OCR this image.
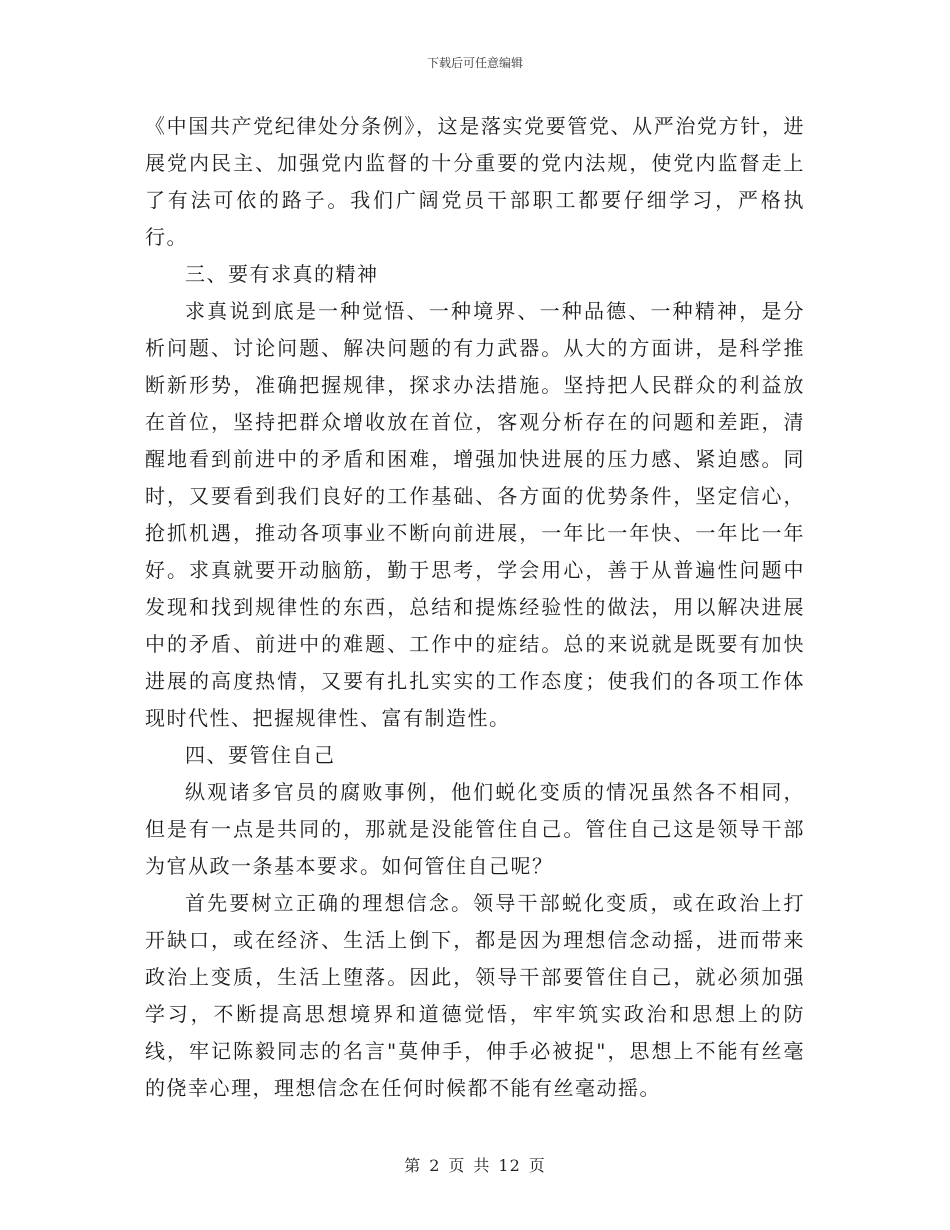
下载后可任意编辑

《中国共产党纪律处分条例》，这是落实党要管党、从严治党方针，进展党内民主、加强党内监督的十分重要的党内法规，使党内监督走上了有法可依的路子。我们广阔党员干部职工都要仔细学习，严格执行。

三、要有求真的精神

求真说到底是一种觉悟、一种境界、一种品德、一种精神，是分析问题、讨论问题、解决问题的有力武器。从大的方面讲，是科学推断新形势，准确把握规律，探求办法措施。坚持把人民群众的利益放在首位，坚持把群众增收放在首位，客观分析存在的问题和差距，清醒地看到前进中的矛盾和困难，增强加快进展的压力感、紧迫感。同时，又要看到我们良好的工作基础、各方面的优势条件，坚定信心，抢抓机遇，推动各项事业不断向前进展，一年比一年快、一年比一年好。求真就要开动脑筋，勤于思考，学会用心，善于从普遍性问题中发现和找到规律性的东西，总结和提炼经验性的做法，用以解决进展中的矛盾、前进中的难题、工作中的症结。总的来说就是既要有加快进展的高度热情，又要有扎扎实实的工作态度；使我们的各项工作体现时代性、把握规律性、富有制造性。

四、要管住自己

纵观诸多官员的腐败事例，他们蜕化变质的情况虽然各不相同，但是有一点是共同的，那就是没能管住自己。管住自己这是领导干部为官从政一条基本要求。如何管住自己呢？

首先要树立正确的理想信念。领导干部蜕化变质，或在政治上打开缺口，或在经济、生活上倒下，都是因为理想信念动摇，进而带来政治上变质，生活上堕落。因此，领导干部要管住自己，就必须加强学习，不断提高思想境界和道德觉悟，牢牢筑实政治和思想上的防线，牢记陈毅同志的名言"莫伸手，伸手必被捉"，思想上不能有丝毫的侥幸心理，理想信念在任何时候都不能有丝毫动摇。

第 2 页 共 12 页
